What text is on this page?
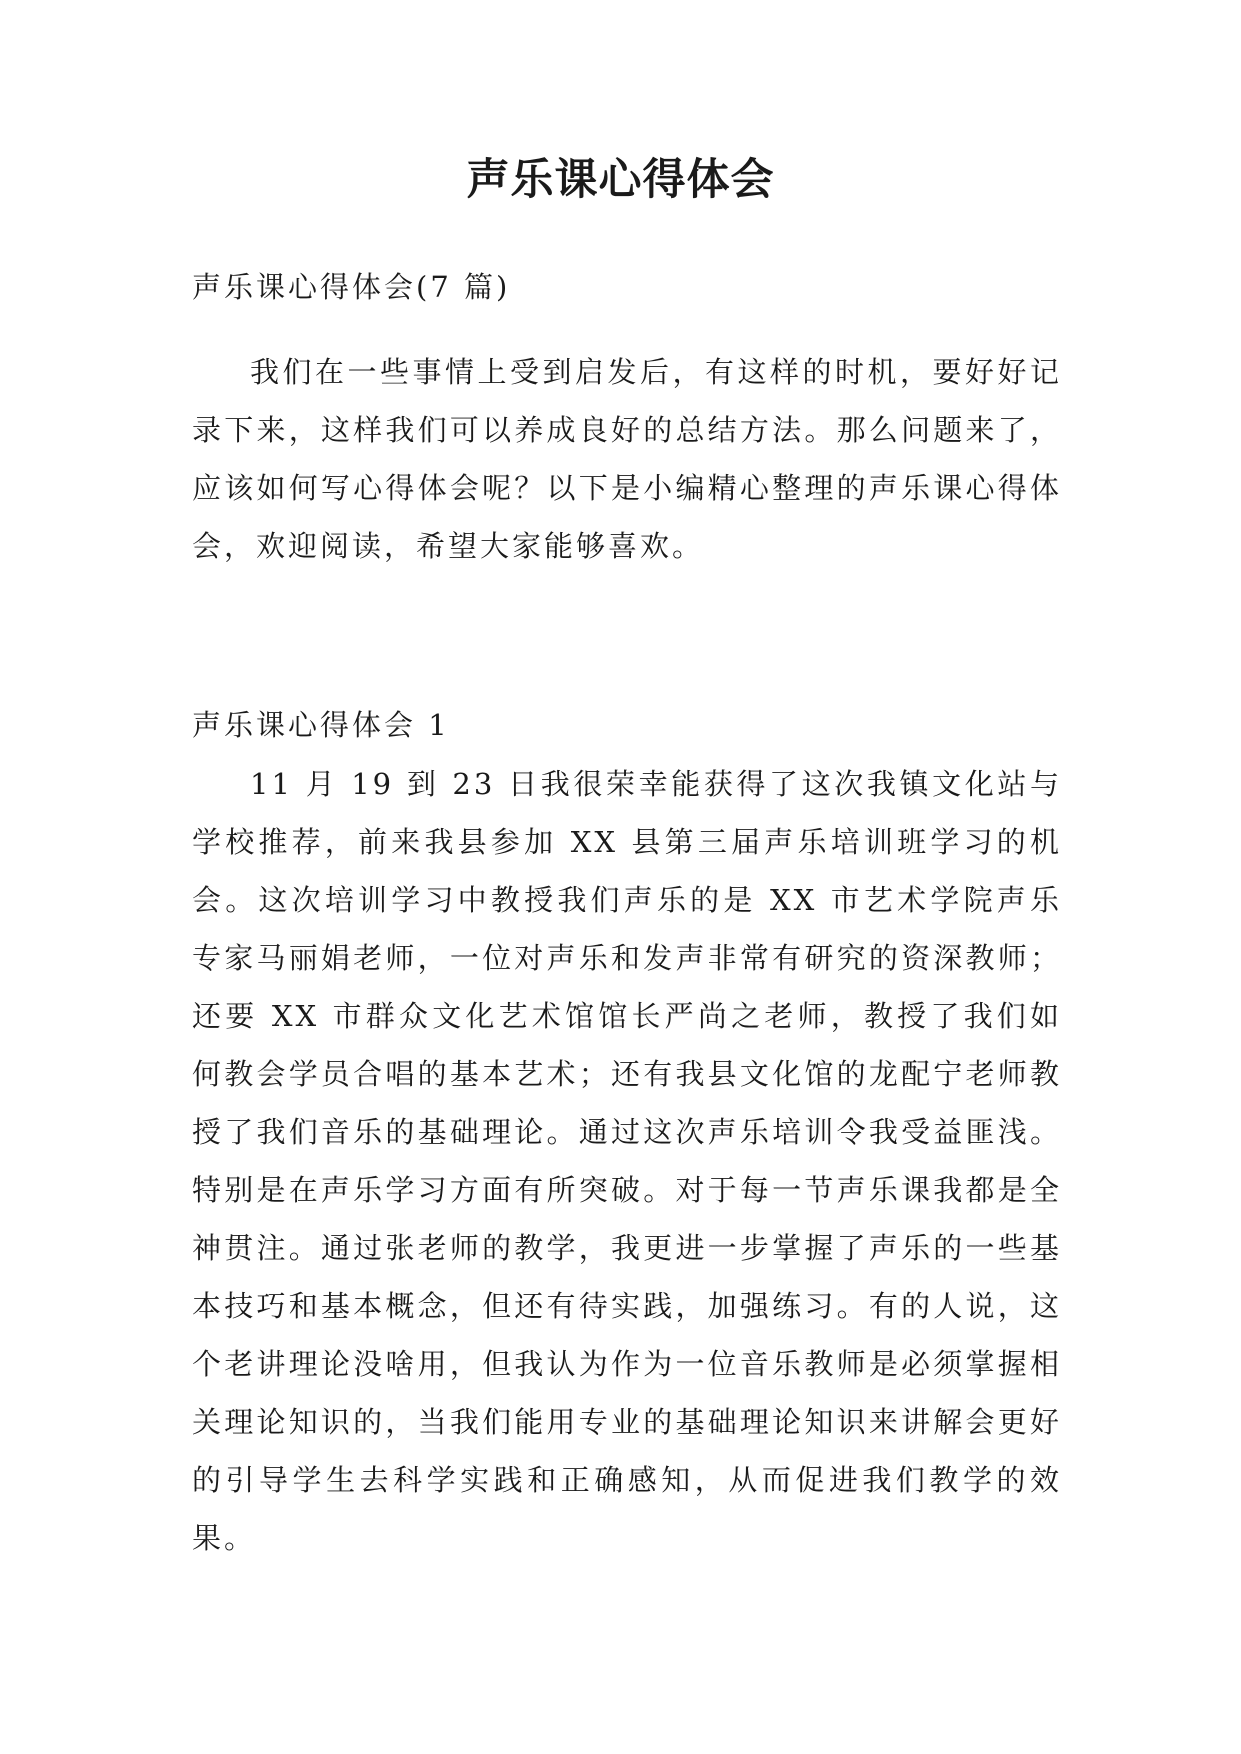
声乐课心得体会

声乐课心得体会(7 篇)

我们在一些事情上受到启发后，有这样的时机，要好好记录下来，这样我们可以养成良好的总结方法。那么问题来了，应该如何写心得体会呢？以下是小编精心整理的声乐课心得体会，欢迎阅读，希望大家能够喜欢。

声乐课心得体会 1

11 月 19 到 23 日我很荣幸能获得了这次我镇文化站与学校推荐，前来我县参加 XX 县第三届声乐培训班学习的机会。这次培训学习中教授我们声乐的是 XX 市艺术学院声乐专家马丽娟老师，一位对声乐和发声非常有研究的资深教师；还要 XX 市群众文化艺术馆馆长严尚之老师，教授了我们如何教会学员合唱的基本艺术；还有我县文化馆的龙配宁老师教授了我们音乐的基础理论。通过这次声乐培训令我受益匪浅。特别是在声乐学习方面有所突破。对于每一节声乐课我都是全神贯注。通过张老师的教学，我更进一步掌握了声乐的一些基本技巧和基本概念，但还有待实践，加强练习。有的人说，这个老讲理论没啥用，但我认为作为一位音乐教师是必须掌握相关理论知识的，当我们能用专业的基础理论知识来讲解会更好的引导学生去科学实践和正确感知，从而促进我们教学的效果。
